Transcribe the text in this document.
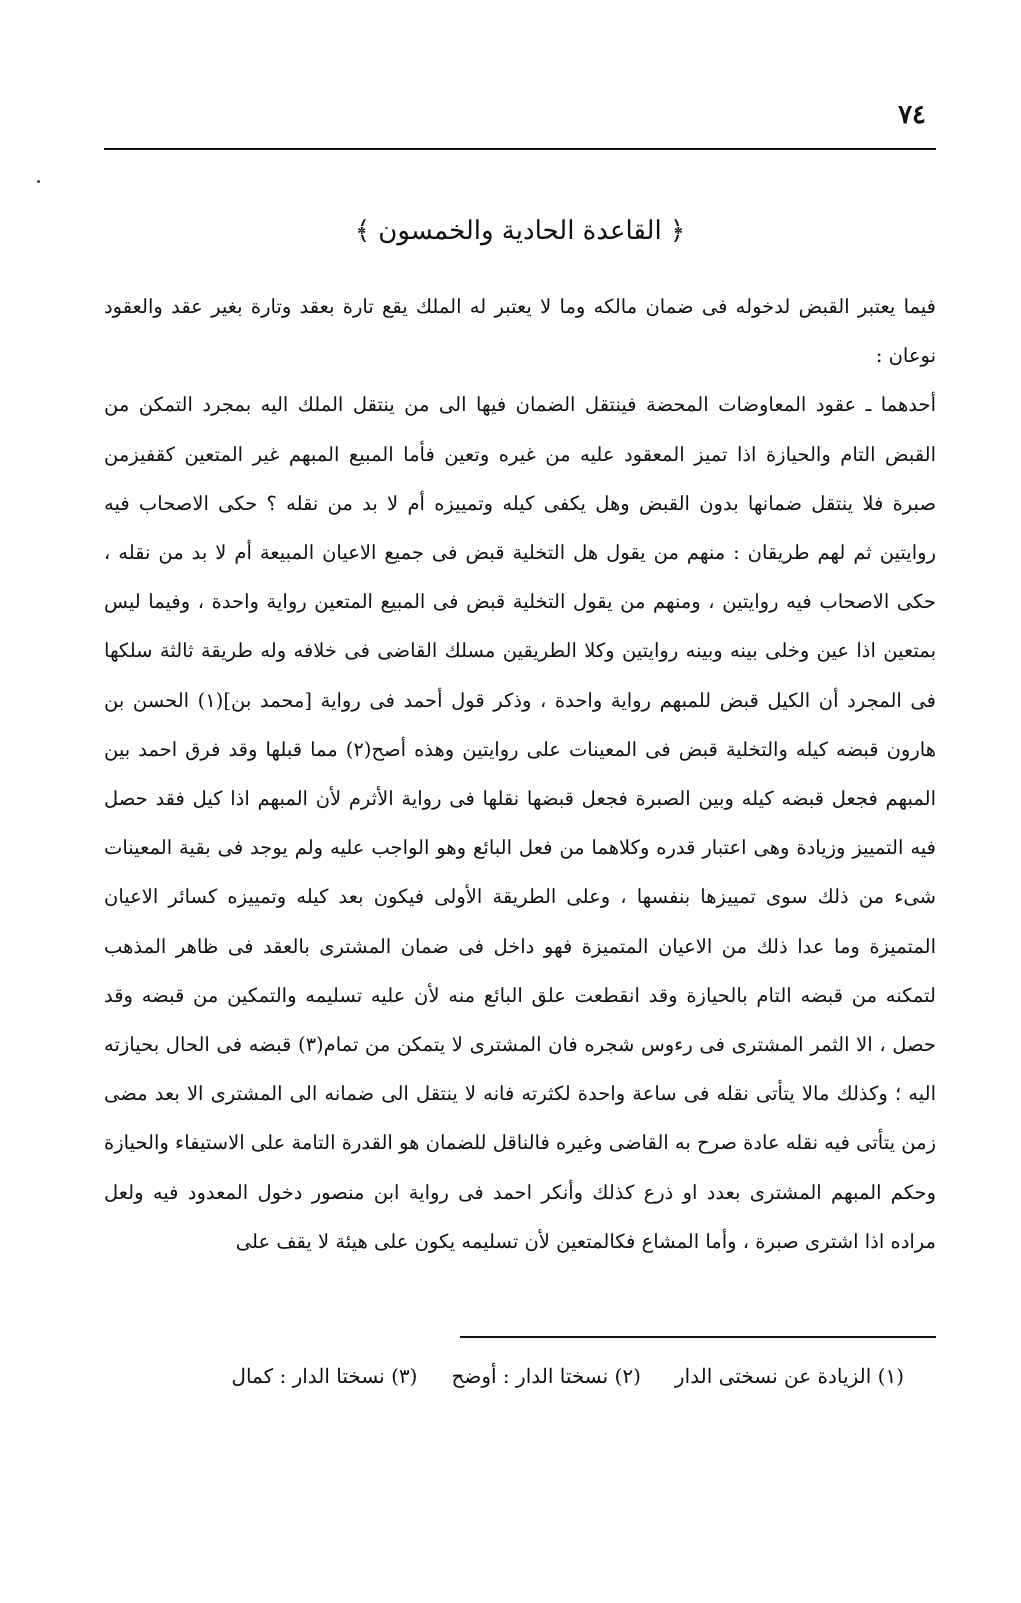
٧٤
﴿ القاعدة الحادية والخمسون ﴾

فيما يعتبر القبض لدخوله فى ضمان مالكه وما لا يعتبر له الملك يقع تارة بعقد وتارة بغير عقد والعقود نوعان :

أحدهما ـ عقود المعاوضات المحضة فينتقل الضمان فيها الى من ينتقل الملك اليه بمجرد التمكن من القبض التام والحيازة اذا تميز المعقود عليه من غيره وتعين فأما المبيع المبهم غير المتعين كقفيزمن صبرة فلا ينتقل ضمانها بدون القبض وهل يكفى كيله وتمييزه أم لا بد من نقله ؟ حكى الاصحاب فيه روايتين ثم لهم طريقان : منهم من يقول هل التخلية قبض فى جميع الاعيان المبيعة أم لا بد من نقله ، حكى الاصحاب فيه روايتين ، ومنهم من يقول التخلية قبض فى المبيع المتعين رواية واحدة ، وفيما ليس بمتعين اذا عين وخلى بينه وبينه روايتين وكلا الطريقين مسلك القاضى فى خلافه وله طريقة ثالثة سلكها فى المجرد أن الكيل قبض للمبهم رواية واحدة ، وذكر قول أحمد فى رواية [محمد بن](١) الحسن بن هارون قبضه كيله والتخلية قبض فى المعينات على روايتين وهذه أصح(٢) مما قبلها وقد فرق احمد بين المبهم فجعل قبضه كيله وبين الصبرة فجعل قبضها نقلها فى رواية الأثرم لأن المبهم اذا كيل فقد حصل فيه التمييز وزيادة وهى اعتبار قدره وكلاهما من فعل البائع وهو الواجب عليه ولم يوجد فى بقية المعينات شىء من ذلك سوى تمييزها بنفسها ، وعلى الطريقة الأولى فيكون بعد كيله وتمييزه كسائر الاعيان المتميزة وما عدا ذلك من الاعيان المتميزة فهو داخل فى ضمان المشترى بالعقد فى ظاهر المذهب لتمكنه من قبضه التام بالحيازة وقد انقطعت علق البائع منه لأن عليه تسليمه والتمكين من قبضه وقد حصل ، الا الثمر المشترى فى رءوس شجره فان المشترى لا يتمكن من تمام(٣) قبضه فى الحال بحيازته اليه ؛ وكذلك مالا يتأتى نقله فى ساعة واحدة لكثرته فانه لا ينتقل الى ضمانه الى المشترى الا بعد مضى زمن يتأتى فيه نقله عادة صرح به القاضى وغيره فالناقل للضمان هو القدرة التامة على الاستيفاء والحيازة وحكم المبهم المشترى بعدد او ذرع كذلك وأنكر احمد فى رواية ابن منصور دخول المعدود فيه ولعل مراده اذا اشترى صبرة ، وأما المشاع فكالمتعين لأن تسليمه يكون على هيئة لا يقف على

(١) الزيادة عن نسختى الدار
(٢) نسختا الدار : أوضح
(٣) نسختا الدار : كمال
